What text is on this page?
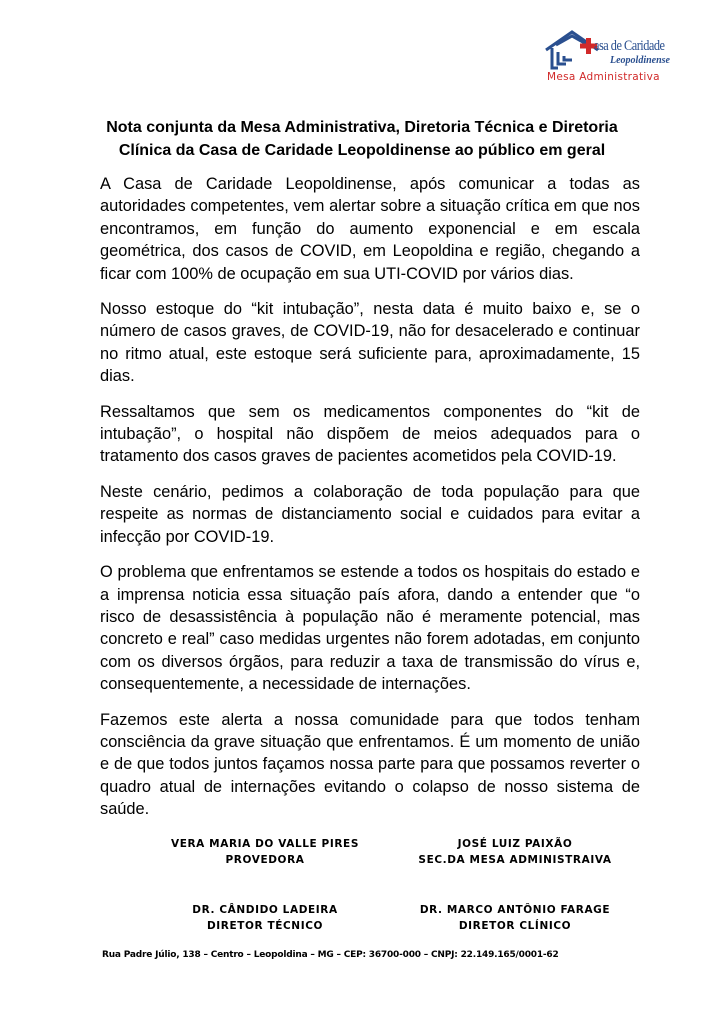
asa de Caridade
Leopoldinense
Mesa Administrativa
Nota conjunta da Mesa Administrativa, Diretoria Técnica e Diretoria
Clínica da Casa de Caridade Leopoldinense ao público em geral

A Casa de Caridade Leopoldinense, após comunicar a todas as autoridades competentes, vem alertar sobre a situação crítica em que nos encontramos, em função do aumento exponencial e em escala geométrica, dos casos de COVID, em Leopoldina e região, chegando a ficar com 100% de ocupação em sua UTI-COVID por vários dias.

Nosso estoque do “kit intubação”, nesta data é muito baixo e, se o número de casos graves, de COVID-19, não for desacelerado e continuar no ritmo atual, este estoque será suficiente para, aproximadamente, 15 dias.

Ressaltamos que sem os medicamentos componentes do “kit de intubação”, o hospital não dispõem de meios adequados para o tratamento dos casos graves de pacientes acometidos pela COVID-19.

Neste cenário, pedimos a colaboração de toda população para que respeite as normas de distanciamento social e cuidados para evitar a infecção por COVID-19.

O problema que enfrentamos se estende a todos os hospitais do estado e a imprensa noticia essa situação país afora, dando a entender que “o risco de desassistência à população não é meramente potencial, mas concreto e real” caso medidas urgentes não forem adotadas, em conjunto com os diversos órgãos, para reduzir a taxa de transmissão do vírus e, consequentemente, a necessidade de internações.

Fazemos este alerta a nossa comunidade para que todos tenham consciência da grave situação que enfrentamos. É um momento de união e de que todos juntos façamos nossa parte para que possamos reverter o quadro atual de internações evitando o colapso de nosso sistema de saúde.

VERA MARIA DO VALLE PIRES
PROVEDORA
JOSÉ LUIZ PAIXÃO
SEC.DA MESA ADMINISTRAIVA
DR. CÂNDIDO LADEIRA
DIRETOR TÉCNICO
DR. MARCO ANTÔNIO FARAGE
DIRETOR CLÍNICO
Rua Padre Júlio, 138 – Centro – Leopoldina – MG – CEP: 36700-000 – CNPJ: 22.149.165/0001-62
